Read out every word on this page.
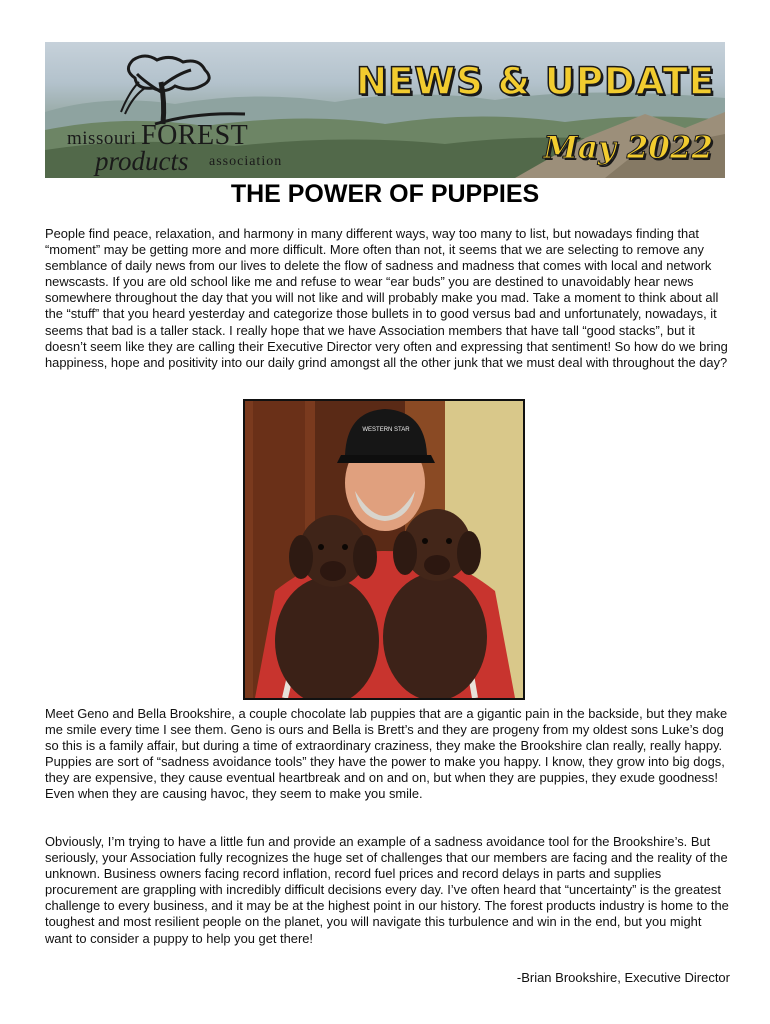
missouri FOREST
products association
NEWS & UPDATE
May 2022
THE POWER OF PUPPIES

People find peace, relaxation, and harmony in many different ways, way too many to list, but nowadays finding that “moment” may be getting more and more difficult. More often than not, it seems that we are selecting to remove any semblance of daily news from our lives to delete the flow of sadness and madness that comes with local and network newscasts. If you are old school like me and refuse to wear “ear buds” you are destined to unavoidably hear news somewhere throughout the day that you will not like and will probably make you mad. Take a moment to think about all the “stuff” that you heard yesterday and categorize those bullets in to good versus bad and unfortunately, nowadays, it seems that bad is a taller stack. I really hope that we have Association members that have tall “good stacks”, but it doesn’t seem like they are calling their Executive Director very often and expressing that sentiment! So how do we bring happiness, hope and positivity into our daily grind amongst all the other junk that we must deal with throughout the day?

WESTERN STAR

Meet Geno and Bella Brookshire, a couple chocolate lab puppies that are a gigantic pain in the backside, but they make me smile every time I see them. Geno is ours and Bella is Brett’s and they are progeny from my oldest sons Luke’s dog so this is a family affair, but during a time of extraordinary craziness, they make the Brookshire clan really, really happy. Puppies are sort of “sadness avoidance tools” they have the power to make you happy. I know, they grow into big dogs, they are expensive, they cause eventual heartbreak and on and on, but when they are puppies, they exude goodness! Even when they are causing havoc, they seem to make you smile.

Obviously, I’m trying to have a little fun and provide an example of a sadness avoidance tool for the Brookshire’s. But seriously, your Association fully recognizes the huge set of challenges that our members are facing and the reality of the unknown. Business owners facing record inflation, record fuel prices and record delays in parts and supplies procurement are grappling with incredibly difficult decisions every day. I’ve often heard that “uncertainty” is the greatest challenge to every business, and it may be at the highest point in our history. The forest products industry is home to the toughest and most resilient people on the planet, you will navigate this turbulence and win in the end, but you might want to consider a puppy to help you get there!

-Brian Brookshire, Executive Director
